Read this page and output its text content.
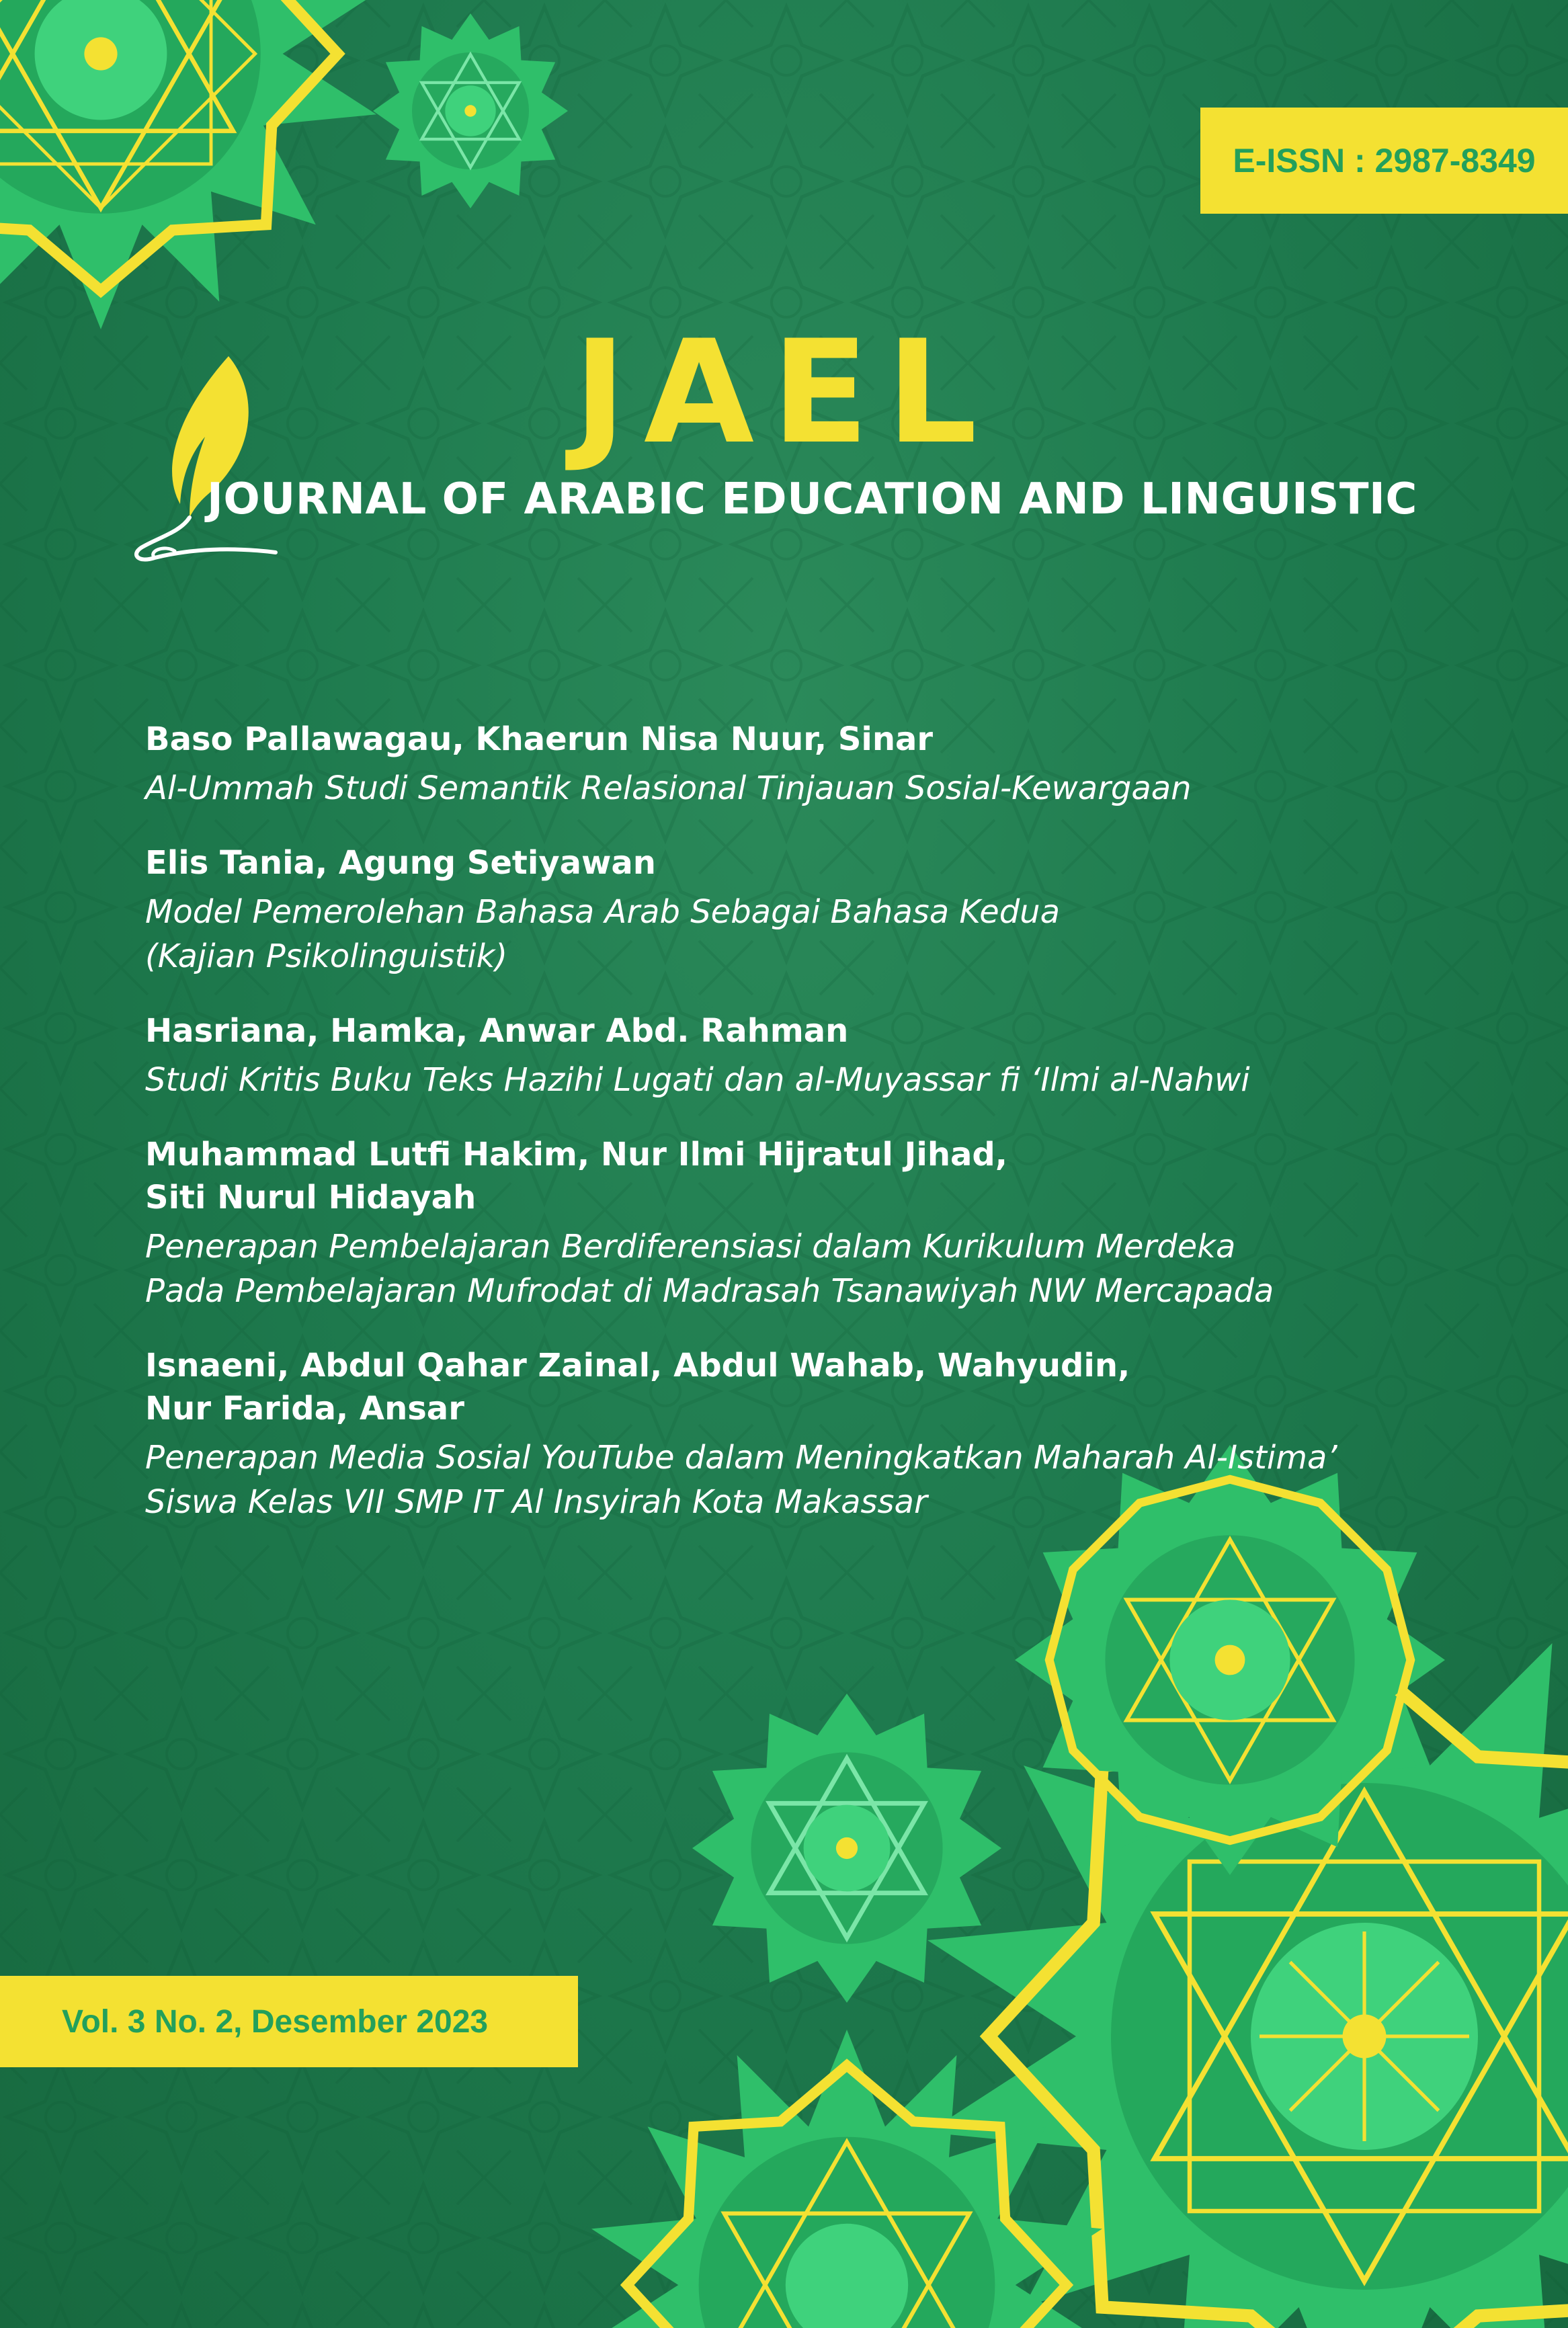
E-ISSN : 2987-8349
JAEL
JOURNAL OF ARABIC EDUCATION AND LINGUISTIC
Baso Pallawagau, Khaerun Nisa Nuur, Sinar
Al-Ummah Studi Semantik Relasional Tinjauan Sosial-Kewargaan
Elis Tania, Agung Setiyawan
Model Pemerolehan Bahasa Arab Sebagai Bahasa Kedua
(Kajian Psikolinguistik)
Hasriana, Hamka, Anwar Abd. Rahman
Studi Kritis Buku Teks Hazihi Lugati dan al-Muyassar fi ‘Ilmi al-Nahwi
Muhammad Lutfi Hakim, Nur Ilmi Hijratul Jihad,
Siti Nurul Hidayah
Penerapan Pembelajaran Berdiferensiasi dalam Kurikulum Merdeka
Pada Pembelajaran Mufrodat di Madrasah Tsanawiyah NW Mercapada
Isnaeni, Abdul Qahar Zainal, Abdul Wahab, Wahyudin,
Nur Farida, Ansar
Penerapan Media Sosial YouTube dalam Meningkatkan Maharah Al-Istima’
Siswa Kelas VII SMP IT Al Insyirah Kota Makassar
Vol. 3 No. 2, Desember 2023
